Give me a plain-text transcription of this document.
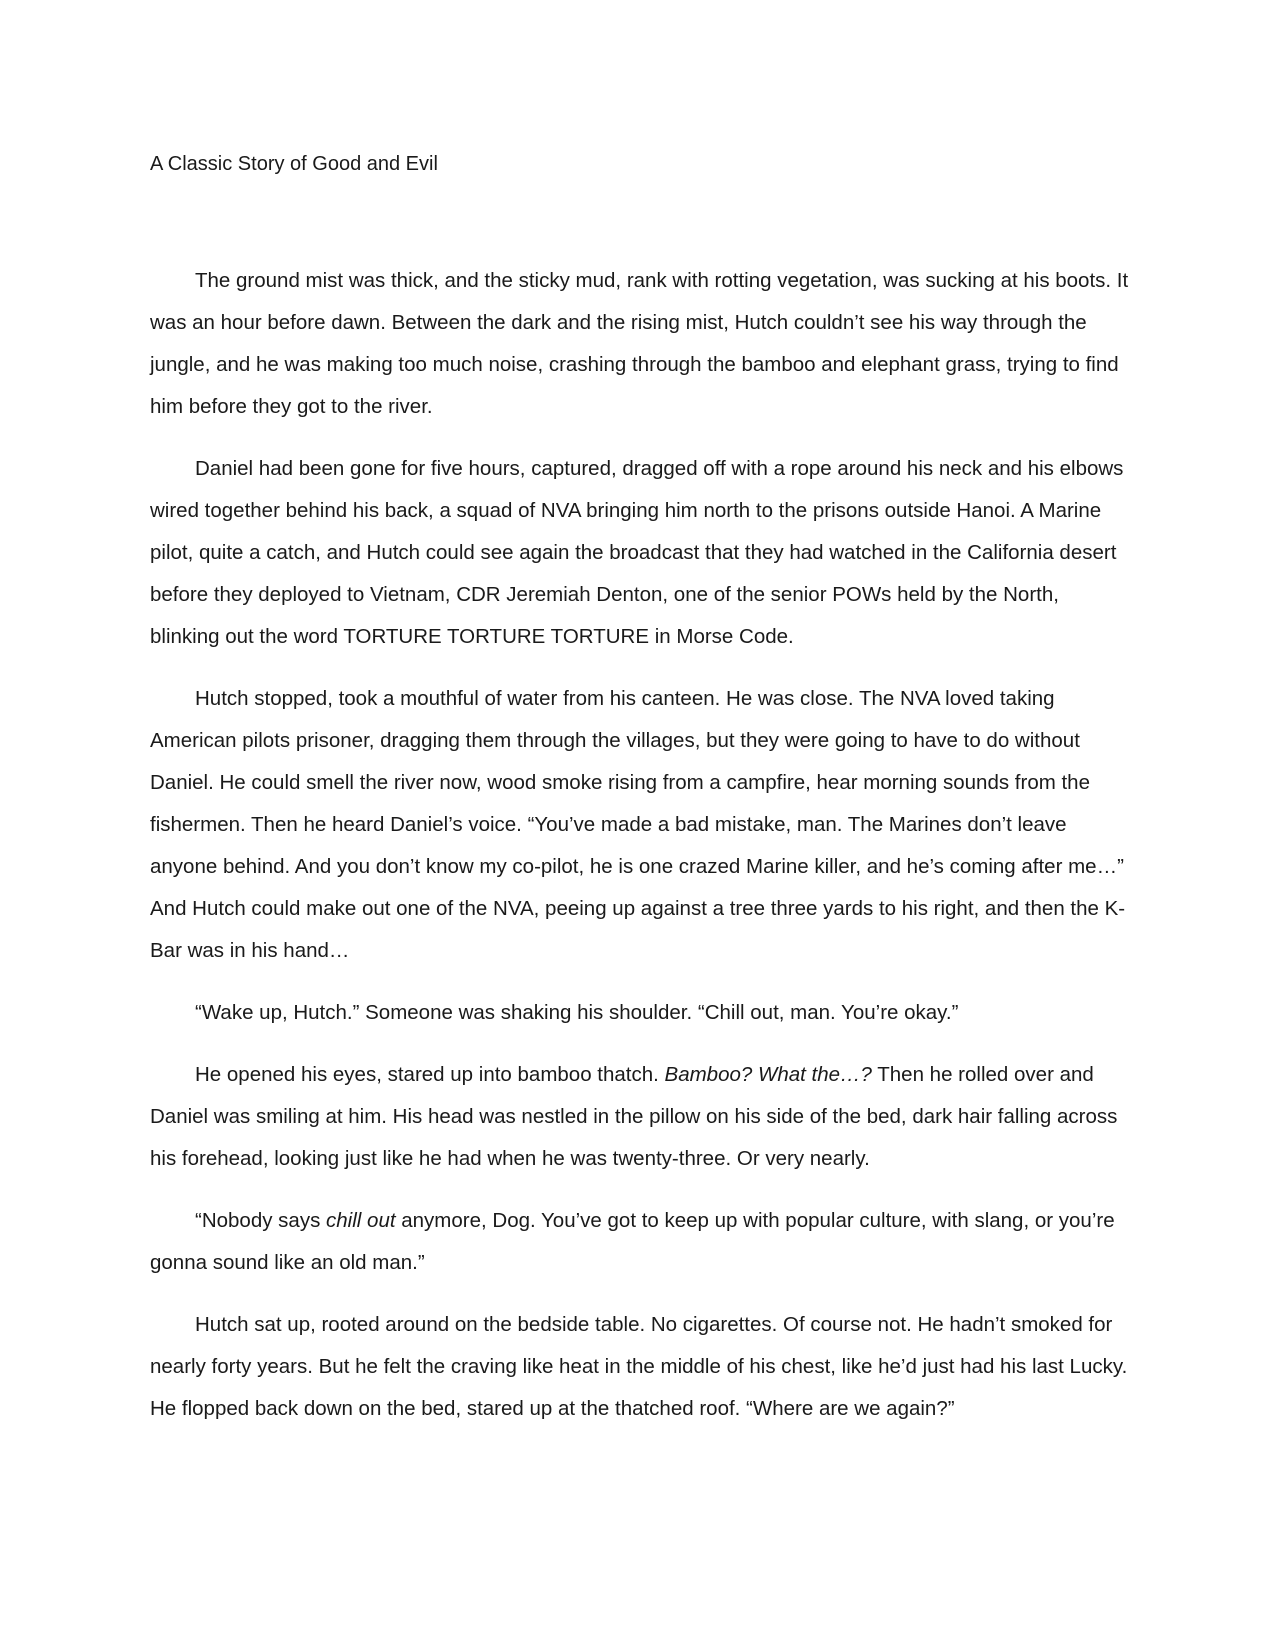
A Classic Story of Good and Evil

The ground mist was thick, and the sticky mud, rank with rotting vegetation, was sucking at his boots. It was an hour before dawn. Between the dark and the rising mist, Hutch couldn’t see his way through the jungle, and he was making too much noise, crashing through the bamboo and elephant grass, trying to find him before they got to the river.

Daniel had been gone for five hours, captured, dragged off with a rope around his neck and his elbows wired together behind his back, a squad of NVA bringing him north to the prisons outside Hanoi. A Marine pilot, quite a catch, and Hutch could see again the broadcast that they had watched in the California desert before they deployed to Vietnam, CDR Jeremiah Denton, one of the senior POWs held by the North, blinking out the word TORTURE TORTURE TORTURE in Morse Code.

Hutch stopped, took a mouthful of water from his canteen. He was close. The NVA loved taking American pilots prisoner, dragging them through the villages, but they were going to have to do without Daniel. He could smell the river now, wood smoke rising from a campfire, hear morning sounds from the fishermen. Then he heard Daniel’s voice. “You’ve made a bad mistake, man. The Marines don’t leave anyone behind. And you don’t know my co-pilot, he is one crazed Marine killer, and he’s coming after me…” And Hutch could make out one of the NVA, peeing up against a tree three yards to his right, and then the K-Bar was in his hand…

“Wake up, Hutch.” Someone was shaking his shoulder. “Chill out, man. You’re okay.”

He opened his eyes, stared up into bamboo thatch. Bamboo? What the…? Then he rolled over and Daniel was smiling at him. His head was nestled in the pillow on his side of the bed, dark hair falling across his forehead, looking just like he had when he was twenty-three. Or very nearly.

“Nobody says chill out anymore, Dog. You’ve got to keep up with popular culture, with slang, or you’re gonna sound like an old man.”

Hutch sat up, rooted around on the bedside table. No cigarettes. Of course not. He hadn’t smoked for nearly forty years. But he felt the craving like heat in the middle of his chest, like he’d just had his last Lucky. He flopped back down on the bed, stared up at the thatched roof. “Where are we again?”
